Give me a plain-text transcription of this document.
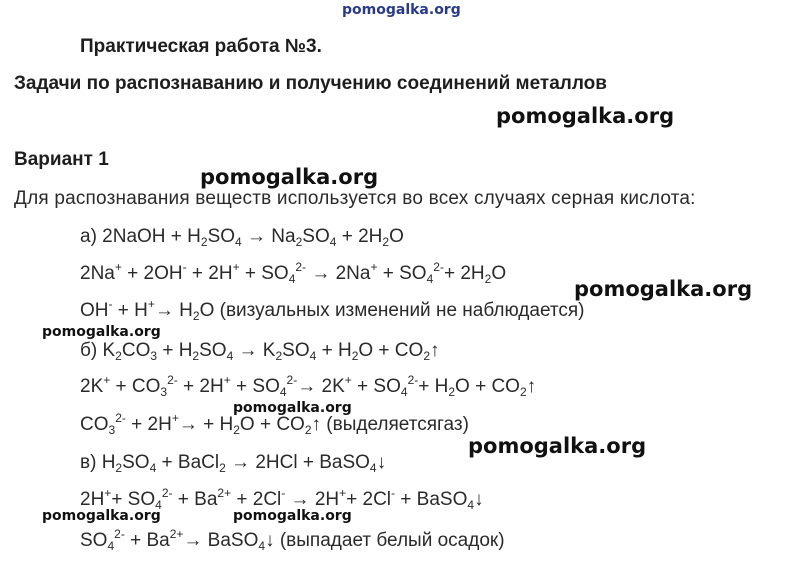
pomogalka.org
Практическая работа №3.
Задачи по распознаванию и получению соединений металлов
pomogalka.org
Вариант 1
pomogalka.org
Для распознавания веществ используется во всех случаях серная кислота:
а) 2NaOH + $H_2SO_4 \to Na_2SO_4 + 2H_2O$
$2Na^+ + 2OH^- + 2H^+ + SO_4^{2-} \to 2Na^+ + SO_4^{2-}+ 2H_2O$
pomogalka.org
$OH^- + H^+\to H_2O$ (визуальных изменений не наблюдается)
pomogalka.org
б) $K_2CO_3 + H_2SO_4 \to K_2SO_4 + H_2O$ + $CO_2↑$
$2K^+ + CO_3^{2-} + 2H^+ + SO_4^{2-}\to 2K^+ + SO_4^{2-}+ H_2O$ + $CO_2↑$
pomogalka.org
$CO_3^{2-} + 2H^+\to + H_2O$ + $CO_2↑$ (выделяетсягаз)
pomogalka.org
в) $H_2SO_4$ + BaCl$_2$ → 2HCl + BaSO$_4$↓
$2H^++ SO_4^{2-} + Ba^{2+} + 2Cl^- \to 2H^++ 2Cl^-$ + BaSO$_4$↓
pomogalka.org	pomogalka.org
$SO_4^{2-} + Ba^{2+}\to$ BaSO$_4$↓ (выпадает белый осадок)
